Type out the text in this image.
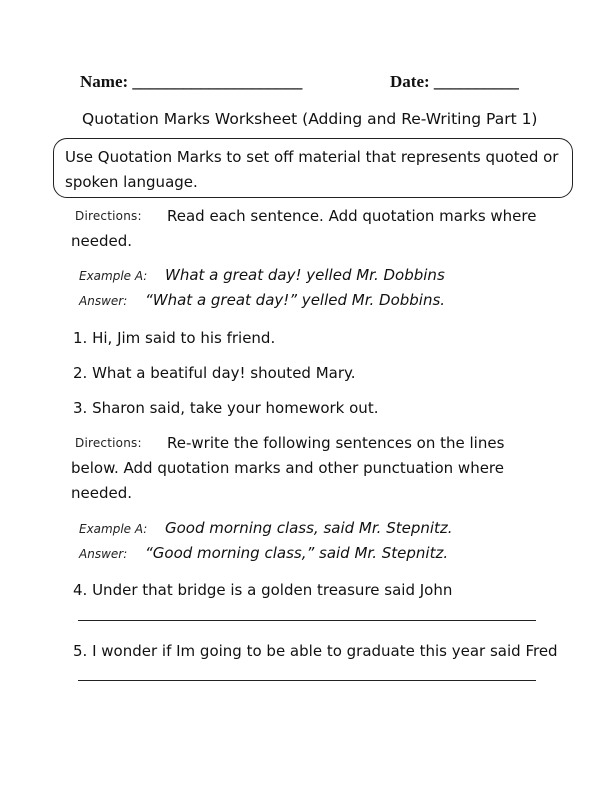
Name: ____________________	Date: __________
Quotation Marks Worksheet (Adding and Re-Writing Part 1)
Use Quotation Marks to set off material that represents quoted or
spoken language.
Directions: Read each sentence. Add quotation marks where
needed.
Example A: What a great day! yelled Mr. Dobbins
Answer: “What a great day!” yelled Mr. Dobbins.
1. Hi, Jim said to his friend.
2. What a beatiful day! shouted Mary.
3. Sharon said, take your homework out.
Directions: Re-write the following sentences on the lines
below. Add quotation marks and other punctuation where
needed.
Example A: Good morning class, said Mr. Stepnitz.
Answer: “Good morning class,” said Mr. Stepnitz.
4. Under that bridge is a golden treasure said John
5. I wonder if Im going to be able to graduate this year said Fred
